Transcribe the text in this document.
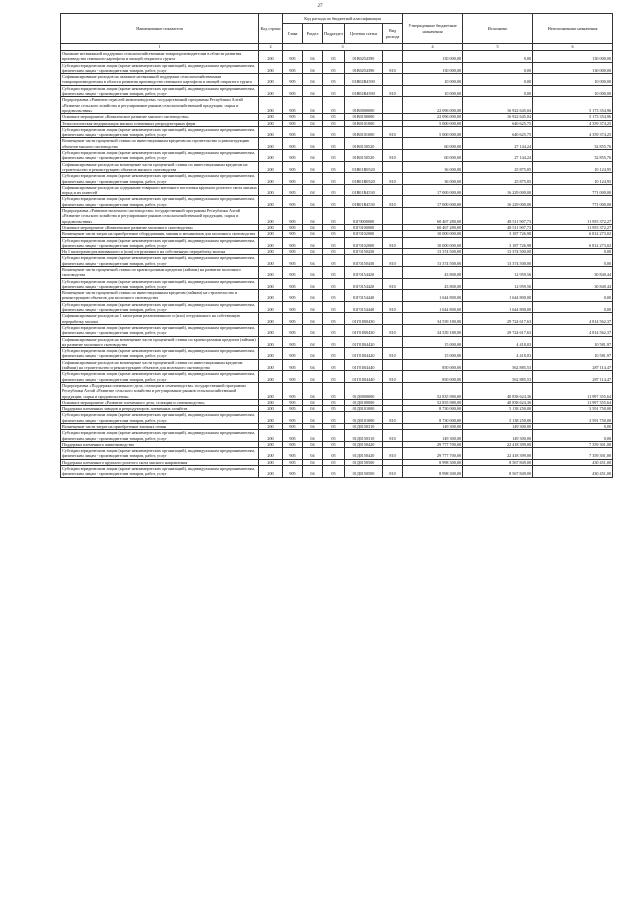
27
Наименование показателя	Код строки	Код расхода по бюджетной классификации					Утвержденные бюджетные назначения	Исполнено	Неисполненные назначения
		Глава	Раздел	Подраздел	Целевая статья	Вид расхода			
1	2	3					4	5	6
Оказание несвязанной поддержки сельскохозяйственным товаропроизводителям в области развития производства семенного картофеля и овощей открытого грунта	200	905	04	05	01В0254390		130 000,00	0,00	130 000,00
Субсидии юридическим лицам (кроме некоммерческих организаций), индивидуальным предпринимателям, физическим лицам - производителям товаров, работ, услуг	200	905	04	05	01В0254390	810	130 000,00	0,00	130 000,00
Софинансирование расходов на оказание несвязанной поддержки сельскохозяйственным товаропроизводителям в области развития производства семенного картофеля и овощей открытого грунта	200	905	04	05	01В02R4390		10 000,00	0,00	10 000,00
Субсидии юридическим лицам (кроме некоммерческих организаций), индивидуальным предпринимателям, физическим лицам - производителям товаров, работ, услуг	200	905	04	05	01В02R4390	810	10 000,00	0,00	10 000,00
Подпрограмма «Развитие отраслей животноводства» государственной программы Республики Алтай «Развитие сельского хозяйства и регулирование рынков сельскохозяйственной продукции, сырья и продовольствия»	200	905	04	05	01В0000000		22 096 000,00	16 922 645,04	5 173 354,96
Основное мероприятие «Комплексное развитие мясного скотоводства»	200	905	04	05	01В0100000		22 096 000,00	16 922 645,04	5 173 354,96
Технологическая модернизация мясных племенных репродукторных ферм	200	905	04	05	01В0101000		5 000 000,00	640 625,75	4 359 374,25
Субсидии юридическим лицам (кроме некоммерческих организаций), индивидуальным предпринимателям, физическим лицам - производителям товаров, работ, услуг	200	905	04	05	01В0101000	810	5 000 000,00	640 625,75	4 359 374,25
Возмещение части процентной ставки по инвестиционным кредитам на строительство и реконструкцию объектов мясного скотоводства	200	905	04	05	01В0150520		60 000,00	27 144,24	32 855,76
Субсидии юридическим лицам (кроме некоммерческих организаций), индивидуальным предпринимателям, физическим лицам - производителям товаров, работ, услуг	200	905	04	05	01В0150520	810	60 000,00	27 144,24	32 855,76
Софинансирование расходов на возмещение части процентной ставки по инвестиционным кредитам на строительство и реконструкцию объектов мясного скотоводства	200	905	04	05	01В01R0520		36 000,00	25 875,05	10 124,95
Субсидии юридическим лицам (кроме некоммерческих организаций), индивидуальным предпринимателям, физическим лицам - производителям товаров, работ, услуг	200	905	04	05	01В01R0520	810	36 000,00	25 875,05	10 124,95
Софинансирование расходов на содержание товарного маточного поголовья крупного рогатого скота мясных пород и их помесей	200	905	04	05	01В01R4530		17 000 000,00	16 229 000,00	771 000,00
Субсидии юридическим лицам (кроме некоммерческих организаций), индивидуальным предпринимателям, физическим лицам - производителям товаров, работ, услуг	200	905	04	05	01В01R4530	810	17 000 000,00	16 229 000,00	771 000,00
Подпрограмма «Развитие молочного скотоводства» государственной программы Республики Алтай «Развитие сельского хозяйства и регулирование рынков сельскохозяйственной продукции, сырья и продовольствия»	200	905	04	05	01Г0000000		60 467 280,00	48 511 907,73	11 955 372,27
Основное мероприятие «Комплексное развитие молочного скотоводства»	200	905	04	05	01Г0100000		60 467 280,00	48 511 907,73	11 955 372,27
Возмещение части затрат на приобретение оборудования, машин и механизмов для молочного скотоводства	200	905	04	05	01Г0102000		10 000 000,00	3 187 726,98	6 812 273,02
Субсидии юридическим лицам (кроме некоммерческих организаций), индивидуальным предпринимателям, физическим лицам - производителям товаров, работ, услуг	200	905	04	05	01Г0102000	810	10 000 000,00	3 187 726,98	6 812 273,02
На 1 килограмм реализованного и (или) отгруженного на собственную переработку молока	200	905	04	05	01Г0150430		13 374 500,00	13 374 500,00	0,00
Субсидии юридическим лицам (кроме некоммерческих организаций), индивидуальным предпринимателям, физическим лицам - производителям товаров, работ, услуг	200	905	04	05	01Г0150430	810	13 374 500,00	13 374 500,00	0,00
Возмещение части процентной ставки по краткосрочным кредитам (займам) на развитие молочного скотоводства	200	905	04	05	01Г0154420		43 800,00	12 959,56	30 840,44
Субсидии юридическим лицам (кроме некоммерческих организаций), индивидуальным предпринимателям, физическим лицам - производителям товаров, работ, услуг	200	905	04	05	01Г0154420	810	43 800,00	12 959,56	30 840,44
Возмещение части процентной ставки по инвестиционным кредитам (займам) на строительство и реконструкцию объектов для молочного скотоводства	200	905	04	05	01Г0154440		1 644 800,00	1 644 800,00	0,00
Субсидии юридическим лицам (кроме некоммерческих организаций), индивидуальным предпринимателям, физическим лицам - производителям товаров, работ, услуг	200	905	04	05	01Г0154440	810	1 644 800,00	1 644 800,00	0,00
Софинансирование расходов на 1 килограмм реализованного и (или) отгруженного на собственную переработку молока	200	905	04	05	01Г01R0430		34 539 180,00	29 724 617,63	4 814 562,37
Субсидии юридическим лицам (кроме некоммерческих организаций), индивидуальным предпринимателям, физическим лицам - производителям товаров, работ, услуг	200	905	04	05	01Г01R0430	810	34 539 180,00	29 724 617,63	4 814 562,37
Софинансирование расходов на возмещение части процентной ставки по краткосрочным кредитам (займам) на развитие молочного скотоводства	200	905	04	05	01Г01R4420		15 000,00	4 418,03	10 581,97
Субсидии юридическим лицам (кроме некоммерческих организаций), индивидуальным предпринимателям, физическим лицам - производителям товаров, работ, услуг	200	905	04	05	01Г01R4420	810	15 000,00	4 418,03	10 581,97
Софинансирование расходов на возмещение части процентной ставки по инвестиционным кредитам (займам) на строительство и реконструкцию объектов для молочного скотоводства	200	905	04	05	01Г01R4440		850 000,00	562 885,53	287 114,47
Субсидии юридическим лицам (кроме некоммерческих организаций), индивидуальным предпринимателям, физическим лицам - производителям товаров, работ, услуг	200	905	04	05	01Г01R4440	810	850 000,00	562 885,53	287 114,47
Подпрограмма «Поддержка племенного дела, селекции и семеноводства» государственной программы Республики Алтай «Развитие сельского хозяйства и регулирование рынков сельскохозяйственной продукции, сырья и продовольствия»	200	905	04	05	01Д0000000		52 835 980,00	40 838 624,36	11 997 355,64
Основное мероприятие «Развитие племенного дела, селекции и семеноводства»	200	905	04	05	01Д0100000		52 835 980,00	40 838 624,36	11 997 355,64
Поддержка племенных заводов и репродукторов, племенных хозяйств	200	905	04	05	01Д0101000		8 730 000,00	5 138 250,00	3 591 750,00
Субсидии юридическим лицам (кроме некоммерческих организаций), индивидуальным предпринимателям, физическим лицам - производителям товаров, работ, услуг	200	905	04	05	01Д0101000	810	8 730 000,00	5 138 250,00	3 591 750,00
Возмещение части затрат на приобретение элитных семян	200	905	04	05	01Д0150310		149 300,00	149 300,00	0,00
Субсидии юридическим лицам (кроме некоммерческих организаций), индивидуальным предпринимателям, физическим лицам - производителям товаров, работ, услуг	200	905	04	05	01Д0150310	810	149 300,00	149 300,00	0,00
Поддержка племенного животноводства	200	905	04	05	01Д0150420		29 777 700,00	22 418 399,00	7 359 301,00
Субсидии юридическим лицам (кроме некоммерческих организаций), индивидуальным предпринимателям, физическим лицам - производителям товаров, работ, услуг	200	905	04	05	01Д0150420	810	29 777 700,00	22 418 399,00	7 359 301,00
Поддержка племенного крупного рогатого скота мясного направления	200	905	04	05	01Д0150500		8 998 300,00	8 567 849,00	430 451,00
Субсидии юридическим лицам (кроме некоммерческих организаций), индивидуальным предпринимателям, физическим лицам - производителям товаров, работ, услуг	200	905	04	05	01Д0150500	810	8 998 300,00	8 567 849,00	430 451,00
